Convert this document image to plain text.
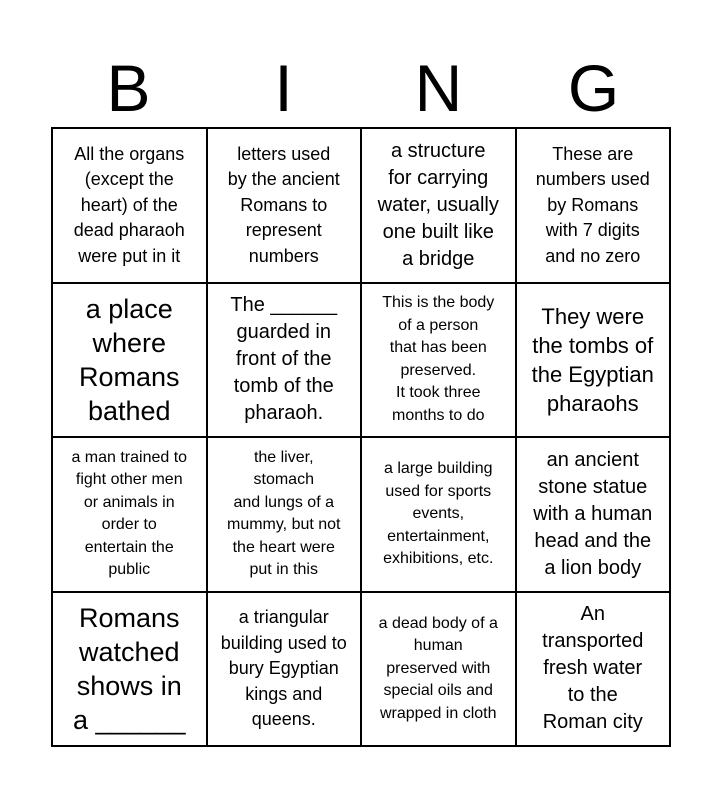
B	I	N	G
All the organs
(except the
heart) of the
dead pharaoh
were put in it
letters used
by the ancient
Romans to
represent
numbers
a structure
for carrying
water, usually
one built like
a bridge
These are
numbers used
by Romans
with 7 digits
and no zero
a place
where
Romans
bathed
The ______
guarded in
front of the
tomb of the
pharaoh.
This is the body
of a person
that has been
preserved.
It took three
months to do
They were
the tombs of
the Egyptian
pharaohs
a man trained to
fight other men
or animals in
order to
entertain the
public
the liver,
stomach
and lungs of a
mummy, but not
the heart were
put in this
a large building
used for sports
events,
entertainment,
exhibitions, etc.
an ancient
stone statue
with a human
head and the
a lion body
Romans
watched
shows in
a ______
a triangular
building used to
bury Egyptian
kings and
queens.
a dead body of a
human
preserved with
special oils and
wrapped in cloth
An
transported
fresh water
to the
Roman city
